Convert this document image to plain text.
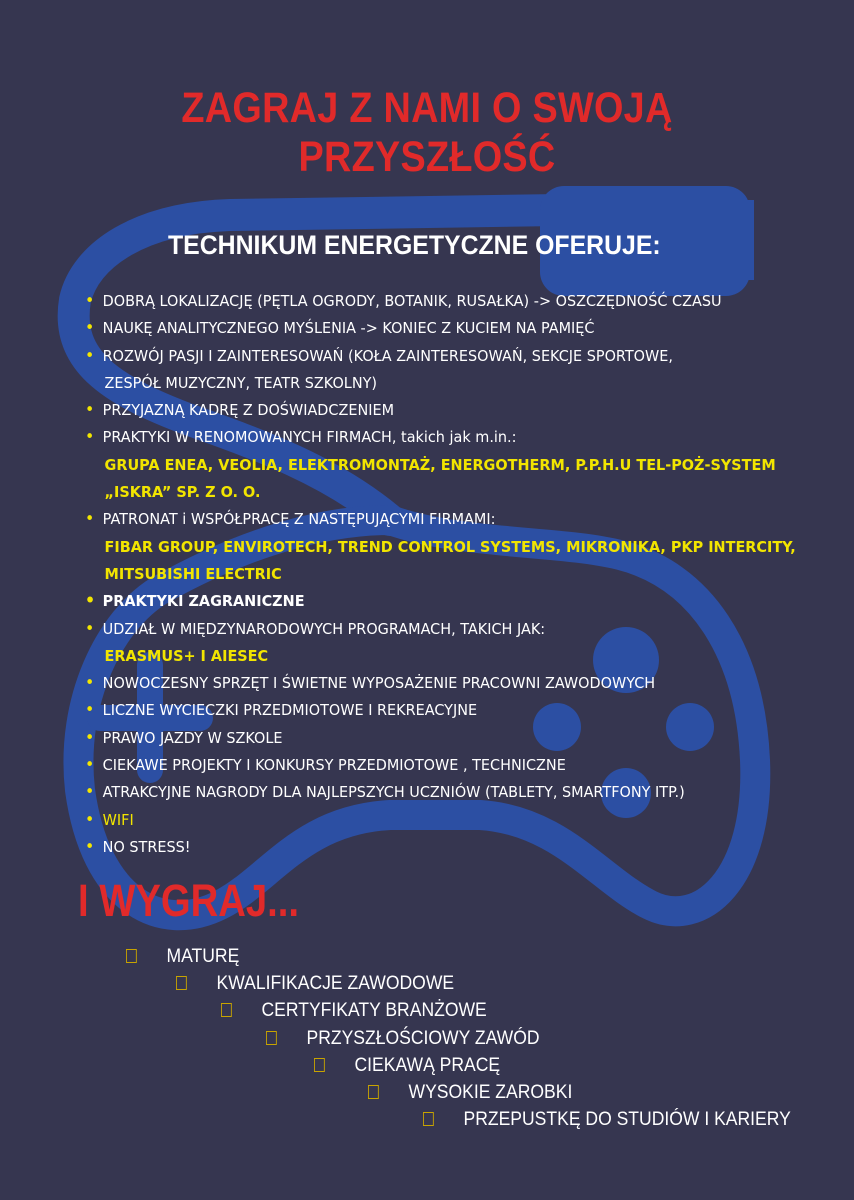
ZAGRAJ Z NAMI O SWOJĄ PRZYSZŁOŚĆ
TECHNIKUM ENERGETYCZNE OFERUJE:
• DOBRĄ LOKALIZACJĘ (PĘTLA OGRODY, BOTANIK, RUSAŁKA) -> OSZCZĘDNOŚĆ CZASU
• NAUKĘ ANALITYCZNEGO MYŚLENIA -> KONIEC Z KUCIEM NA PAMIĘĆ
• ROZWÓJ PASJI I ZAINTERESOWAŃ (KOŁA ZAINTERESOWAŃ, SEKCJE SPORTOWE,
ZESPÓŁ MUZYCZNY, TEATR SZKOLNY)
• PRZYJAZNĄ KADRĘ Z DOŚWIADCZENIEM
• PRAKTYKI W RENOMOWANYCH FIRMACH, takich jak m.in.:
GRUPA ENEA, VEOLIA, ELEKTROMONTAŻ, ENERGOTHERM, P.P.H.U TEL-POŻ-SYSTEM
„ISKRA” SP. Z O. O.
• PATRONAT i WSPÓŁPRACĘ Z NASTĘPUJĄCYMI FIRMAMI:
FIBAR GROUP, ENVIROTECH, TREND CONTROL SYSTEMS, MIKRONIKA, PKP INTERCITY,
MITSUBISHI ELECTRIC
• PRAKTYKI ZAGRANICZNE
• UDZIAŁ W MIĘDZYNARODOWYCH PROGRAMACH, TAKICH JAK:
ERASMUS+ I AIESEC
• NOWOCZESNY SPRZĘT I ŚWIETNE WYPOSAŻENIE PRACOWNI ZAWODOWYCH
• LICZNE WYCIECZKI PRZEDMIOTOWE I REKREACYJNE
• PRAWO JAZDY W SZKOLE
• CIEKAWE PROJEKTY I KONKURSY PRZEDMIOTOWE , TECHNICZNE
• ATRAKCYJNE NAGRODY DLA NAJLEPSZYCH UCZNIÓW (TABLETY, SMARTFONY ITP.)
• WIFI
• NO STRESS!
I WYGRAJ...
MATURĘ
KWALIFIKACJE ZAWODOWE
CERTYFIKATY BRANŻOWE
PRZYSZŁOŚCIOWY ZAWÓD
CIEKAWĄ PRACĘ
WYSOKIE ZAROBKI
PRZEPUSTKĘ DO STUDIÓW I KARIERY
